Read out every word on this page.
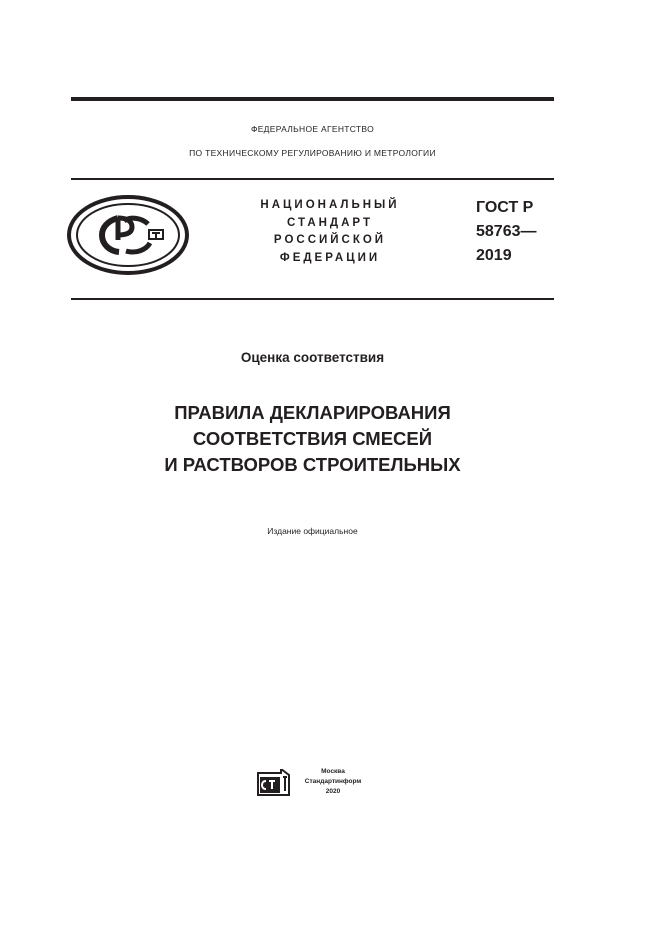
ФЕДЕРАЛЬНОЕ АГЕНТСТВО
ПО ТЕХНИЧЕСКОМУ РЕГУЛИРОВАНИЮ И МЕТРОЛОГИИ
НАЦИОНАЛЬНЫЙ
СТАНДАРТ
РОССИЙСКОЙ
ФЕДЕРАЦИИ
ГОСТ Р
58763—
2019
Оценка соответствия
ПРАВИЛА ДЕКЛАРИРОВАНИЯ
СООТВЕТСТВИЯ СМЕСЕЙ
И РАСТВОРОВ СТРОИТЕЛЬНЫХ
Издание официальное
Москва
Стандартинформ
2020
